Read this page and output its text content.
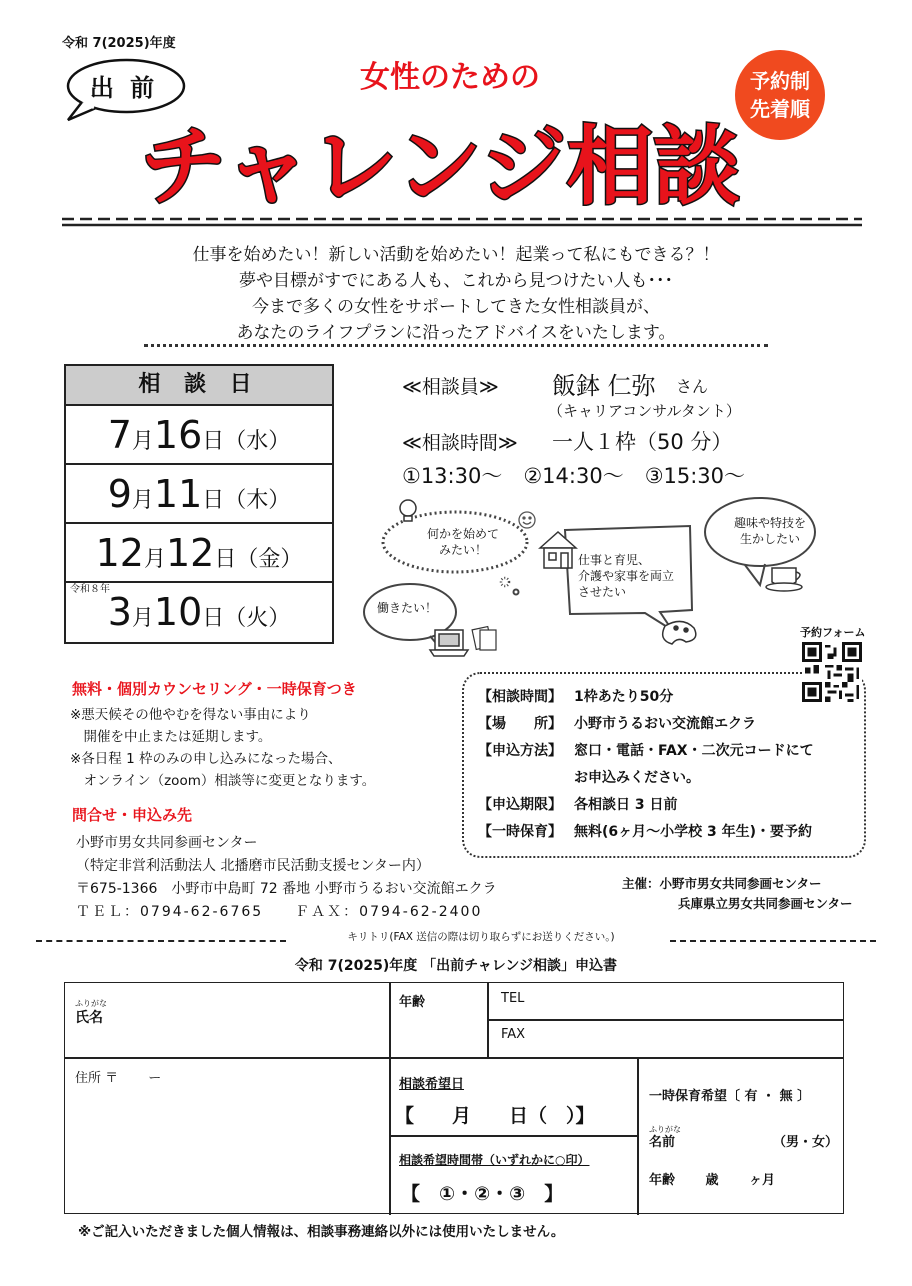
令和 7(2025)年度
出 前	女性のための
チャレンジ相談
予約制
先着順
仕事を始めたい！新しい活動を始めたい！起業って私にもできる？！
夢や目標がすでにある人も、これから見つけたい人も･･･
今まで多くの女性をサポートしてきた女性相談員が、
あなたのライフプランに沿ったアドバイスをいたします。
相 談 日
7月16日（水）
9月11日（木）
12月12日（金）
令和８年
3月10日（火）
≪相談員≫ 飯鉢 仁弥 さん
（キャリアコンサルタント）
≪相談時間≫ 一人１枠（50 分）
①13:30～　②14:30～　③15:30～
何かを始めて
みたい！
仕事と育児、
介護や家事を両立
させたい
趣味や特技を
生かしたい
働きたい！
無料・個別カウンセリング・一時保育つき
※悪天候その他やむを得ない事由により
　開催を中止または延期します。
※各日程 1 枠のみの申し込みになった場合、
　オンライン（zoom）相談等に変更となります。
問合せ・申込み先
小野市男女共同参画センター
（特定非営利活動法人 北播磨市民活動支援センター内）
〒675-1366　小野市中島町 72 番地 小野市うるおい交流館エクラ
ＴＥＬ：0794-62-6765　　ＦＡＸ：0794-62-2400
【相談時間】 1枠あたり50分
【場　　所】 小野市うるおい交流館エクラ
【申込方法】 窓口・電話・FAX・二次元コードにて
お申込みください。
【申込期限】 各相談日 3 日前
【一時保育】 無料(6ヶ月～小学校 3 年生)・要予約
予約フォーム
主催：小野市男女共同参画センター
兵庫県立男女共同参画センター
キリトリ(FAX 送信の際は切り取らずにお送りください。)
令和 7(2025)年度 「出前チャレンジ相談」申込書
ふりがな
氏名
年齢	TEL
FAX
住所 〒　　 ー	相談希望日
【　　月　　日（　）】
相談希望時間帯（いずれかに○印）
【　①・②・③　】
一時保育希望〔 有 ・ 無 〕
ふりがな
名前	（男・女）
年齢　　 歳　　 ヶ月
※ご記入いただきました個人情報は、相談事務連絡以外には使用いたしません。
